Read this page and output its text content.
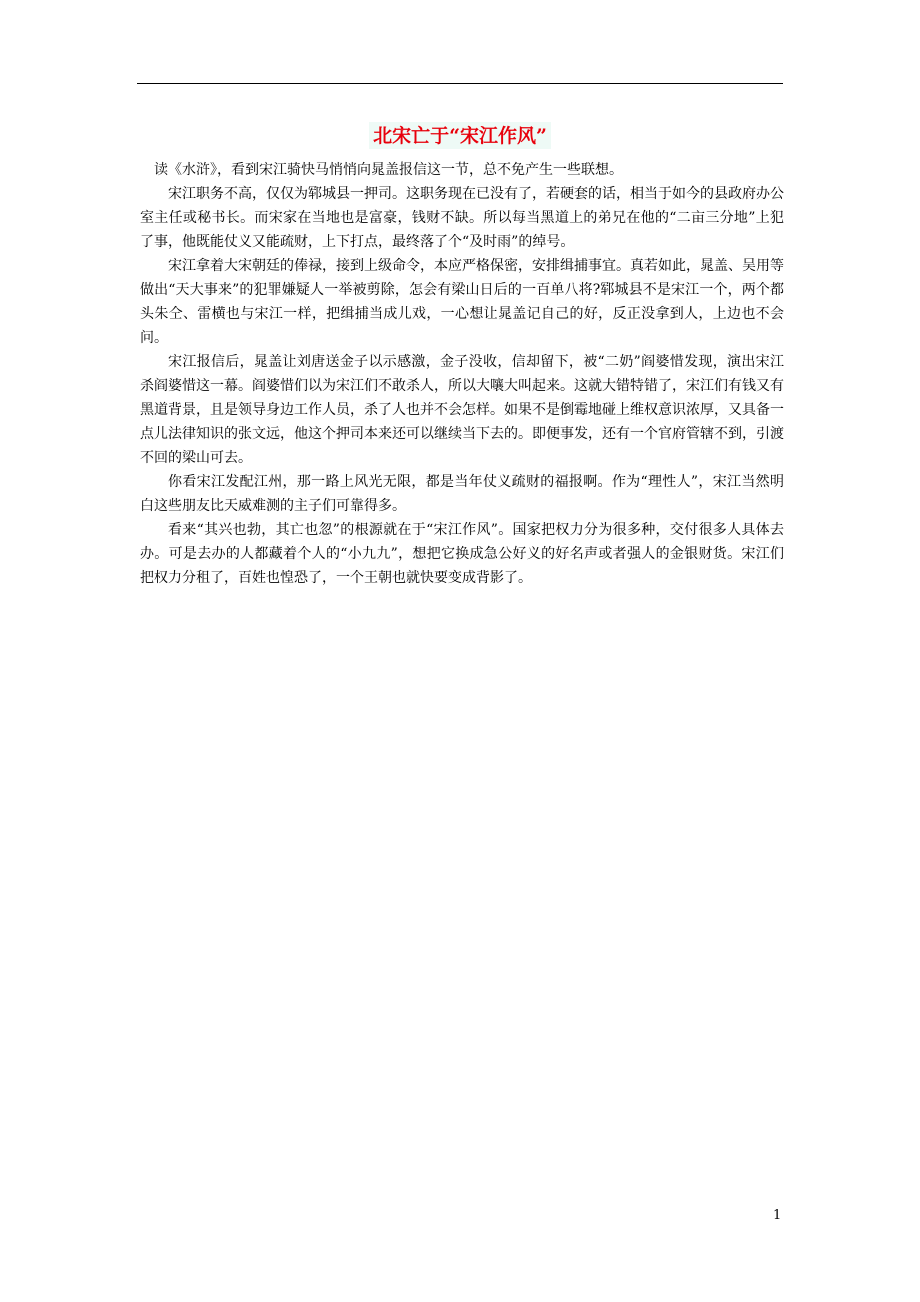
北宋亡于“宋江作风”

读《水浒》，看到宋江骑快马悄悄向晁盖报信这一节，总不免产生一些联想。

宋江职务不高，仅仅为郓城县一押司。这职务现在已没有了，若硬套的话，相当于如今的县政府办公室主任或秘书长。而宋家在当地也是富豪，钱财不缺。所以每当黑道上的弟兄在他的“二亩三分地”上犯了事，他既能仗义又能疏财，上下打点，最终落了个“及时雨”的绰号。

宋江拿着大宋朝廷的俸禄，接到上级命令，本应严格保密，安排缉捕事宜。真若如此，晁盖、吴用等做出“天大事来”的犯罪嫌疑人一举被剪除，怎会有梁山日后的一百单八将?郓城县不是宋江一个，两个都头朱仝、雷横也与宋江一样，把缉捕当成儿戏，一心想让晁盖记自己的好，反正没拿到人，上边也不会问。

宋江报信后，晁盖让刘唐送金子以示感激，金子没收，信却留下，被“二奶”阎婆惜发现，演出宋江杀阎婆惜这一幕。阎婆惜们以为宋江们不敢杀人，所以大嚷大叫起来。这就大错特错了，宋江们有钱又有黑道背景，且是领导身边工作人员，杀了人也并不会怎样。如果不是倒霉地碰上维权意识浓厚，又具备一点儿法律知识的张文远，他这个押司本来还可以继续当下去的。即便事发，还有一个官府管辖不到，引渡不回的梁山可去。

你看宋江发配江州，那一路上风光无限，都是当年仗义疏财的福报啊。作为“理性人”，宋江当然明白这些朋友比天威难测的主子们可靠得多。

看来“其兴也勃，其亡也忽”的根源就在于“宋江作风”。国家把权力分为很多种，交付很多人具体去办。可是去办的人都藏着个人的“小九九”，想把它换成急公好义的好名声或者强人的金银财货。宋江们把权力分租了，百姓也惶恐了，一个王朝也就快要变成背影了。

1
